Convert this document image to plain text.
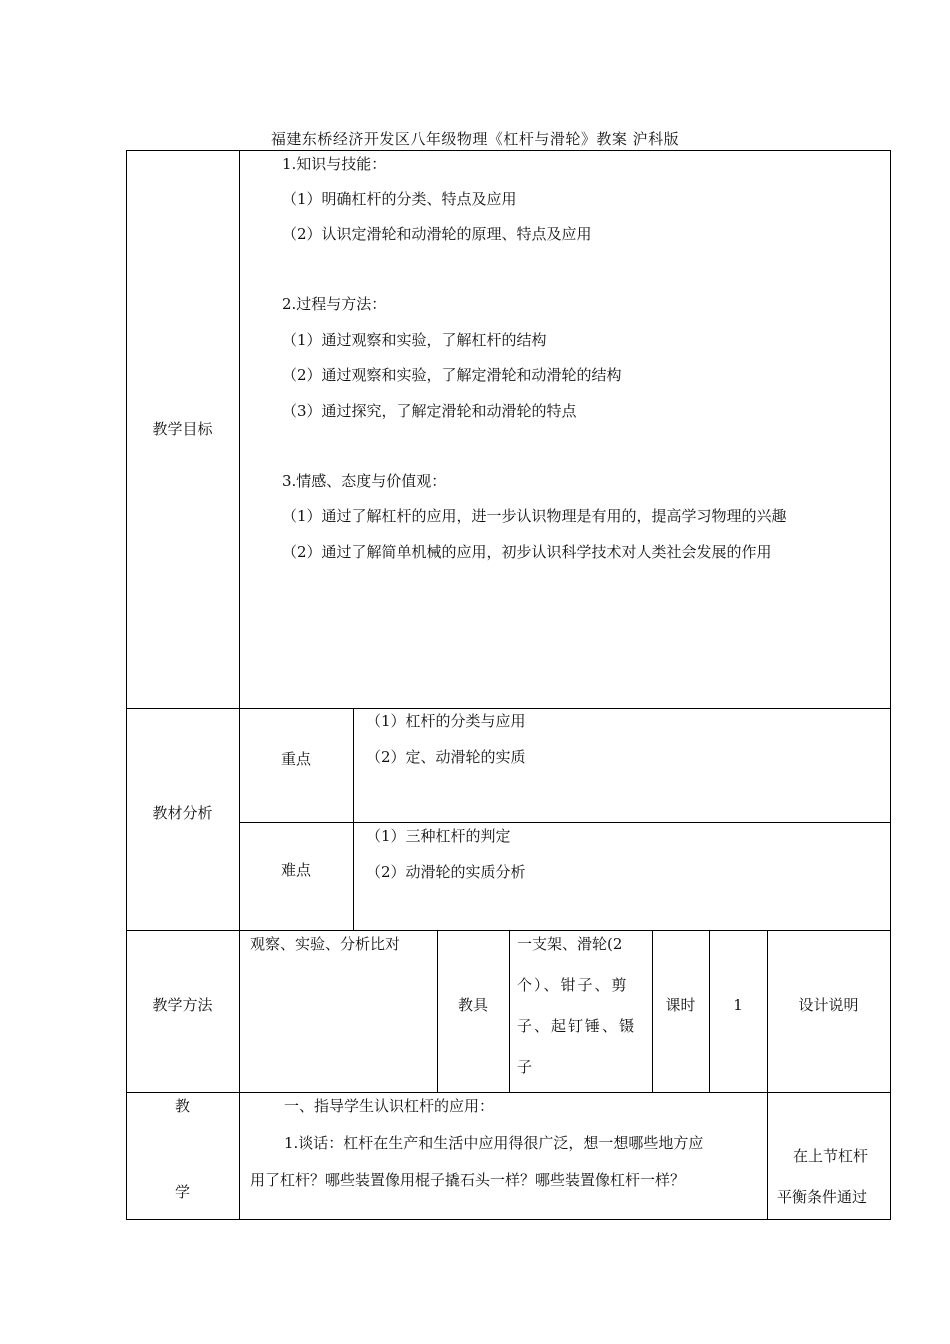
福建东桥经济开发区八年级物理《杠杆与滑轮》教案 沪科版
教学目标
1.知识与技能：
（1）明确杠杆的分类、特点及应用
（2）认识定滑轮和动滑轮的原理、特点及应用
2.过程与方法：
（1）通过观察和实验，了解杠杆的结构
（2）通过观察和实验，了解定滑轮和动滑轮的结构
（3）通过探究，了解定滑轮和动滑轮的特点
3.情感、态度与价值观：
（1）通过了解杠杆的应用，进一步认识物理是有用的，提高学习物理的兴趣
（2）通过了解简单机械的应用，初步认识科学技术对人类社会发展的作用
教材分析
重点
（1）杠杆的分类与应用
（2）定、动滑轮的实质
难点
（1）三种杠杆的判定
（2）动滑轮的实质分析
教学方法
观察、实验、分析比对
教具
一支架、滑轮(2
个）、钳子、剪
子、起钉锤、镊
子
课时	1	设计说明
教
学
一、指导学生认识杠杆的应用：
1.谈话：杠杆在生产和生活中应用得很广泛，想一想哪些地方应
用了杠杆？哪些装置像用棍子撬石头一样？哪些装置像杠杆一样？
在上节杠杆
平衡条件通过
